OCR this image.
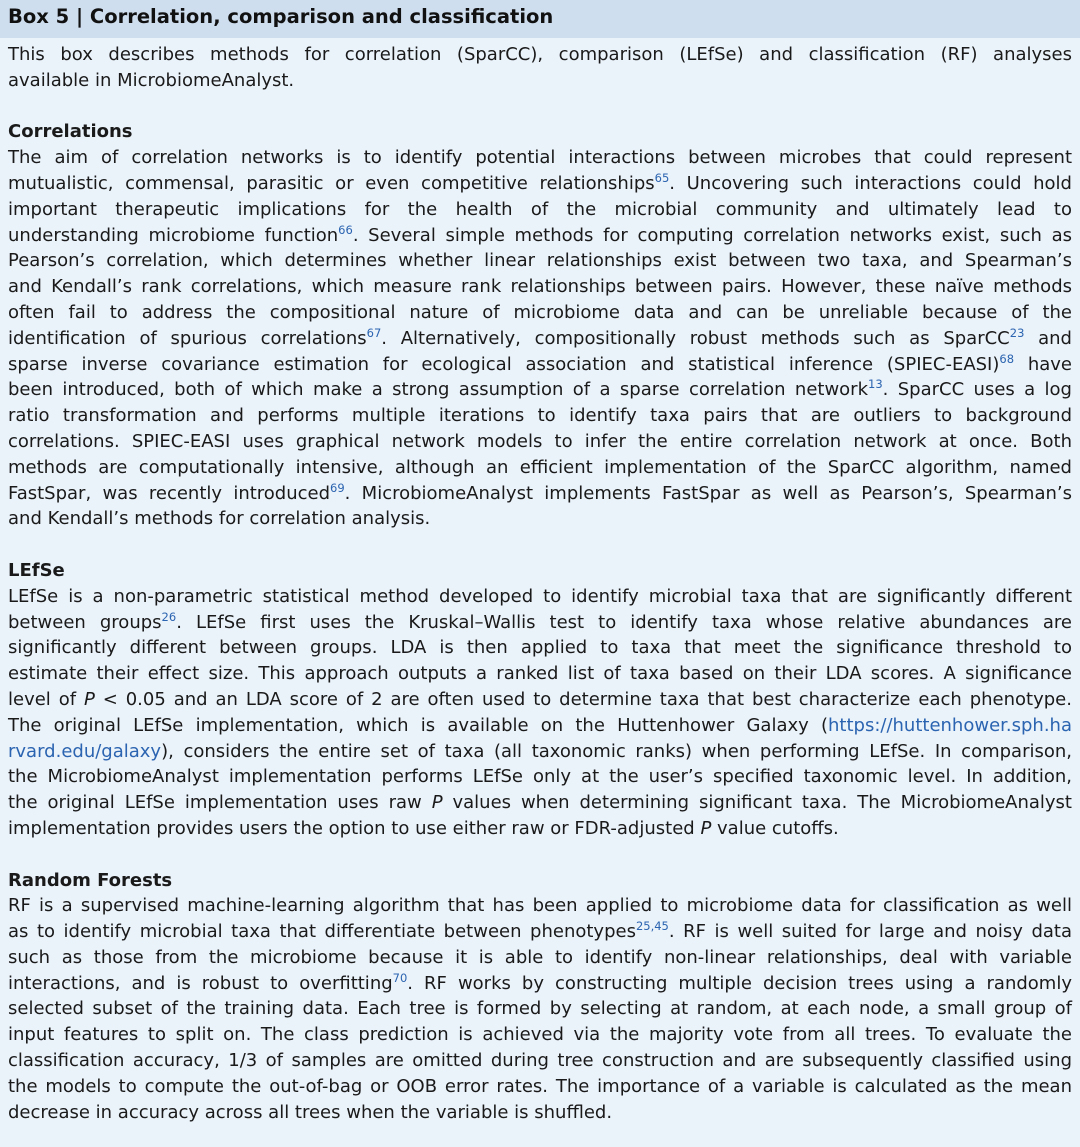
Box 5 | Correlation, comparison and classification

This box describes methods for correlation (SparCC), comparison (LEfSe) and classification (RF) analyses

available in MicrobiomeAnalyst.

Correlations

The aim of correlation networks is to identify potential interactions between microbes that could represent

mutualistic, commensal, parasitic or even competitive relationships$^{65}$. Uncovering such interactions could hold

important therapeutic implications for the health of the microbial community and ultimately lead to

understanding microbiome function$^{66}$. Several simple methods for computing correlation networks exist, such as

Pearson’s correlation, which determines whether linear relationships exist between two taxa, and Spearman’s

and Kendall’s rank correlations, which measure rank relationships between pairs. However, these naïve methods

often fail to address the compositional nature of microbiome data and can be unreliable because of the

identification of spurious correlations$^{67}$. Alternatively, compositionally robust methods such as SparCC$^{23}$ and

sparse inverse covariance estimation for ecological association and statistical inference (SPIEC-EASI)$^{68}$ have

been introduced, both of which make a strong assumption of a sparse correlation network$^{13}$. SparCC uses a log

ratio transformation and performs multiple iterations to identify taxa pairs that are outliers to background

correlations. SPIEC-EASI uses graphical network models to infer the entire correlation network at once. Both

methods are computationally intensive, although an efficient implementation of the SparCC algorithm, named

FastSpar, was recently introduced$^{69}$. MicrobiomeAnalyst implements FastSpar as well as Pearson’s, Spearman’s

and Kendall’s methods for correlation analysis.

LEfSe

LEfSe is a non-parametric statistical method developed to identify microbial taxa that are significantly different

between groups$^{26}$. LEfSe first uses the Kruskal–Wallis test to identify taxa whose relative abundances are

significantly different between groups. LDA is then applied to taxa that meet the significance threshold to

estimate their effect size. This approach outputs a ranked list of taxa based on their LDA scores. A significance

level of P < 0.05 and an LDA score of 2 are often used to determine taxa that best characterize each phenotype.

The original LEfSe implementation, which is available on the Huttenhower Galaxy (https://huttenhower.sph.ha

rvard.edu/galaxy), considers the entire set of taxa (all taxonomic ranks) when performing LEfSe. In comparison,

the MicrobiomeAnalyst implementation performs LEfSe only at the user’s specified taxonomic level. In addition,

the original LEfSe implementation uses raw P values when determining significant taxa. The MicrobiomeAnalyst

implementation provides users the option to use either raw or FDR-adjusted P value cutoffs.

Random Forests

RF is a supervised machine-learning algorithm that has been applied to microbiome data for classification as well

as to identify microbial taxa that differentiate between phenotypes$^{25,45}$. RF is well suited for large and noisy data

such as those from the microbiome because it is able to identify non-linear relationships, deal with variable

interactions, and is robust to overfitting$^{70}$. RF works by constructing multiple decision trees using a randomly

selected subset of the training data. Each tree is formed by selecting at random, at each node, a small group of

input features to split on. The class prediction is achieved via the majority vote from all trees. To evaluate the

classification accuracy, 1/3 of samples are omitted during tree construction and are subsequently classified using

the models to compute the out-of-bag or OOB error rates. The importance of a variable is calculated as the mean

decrease in accuracy across all trees when the variable is shuffled.
